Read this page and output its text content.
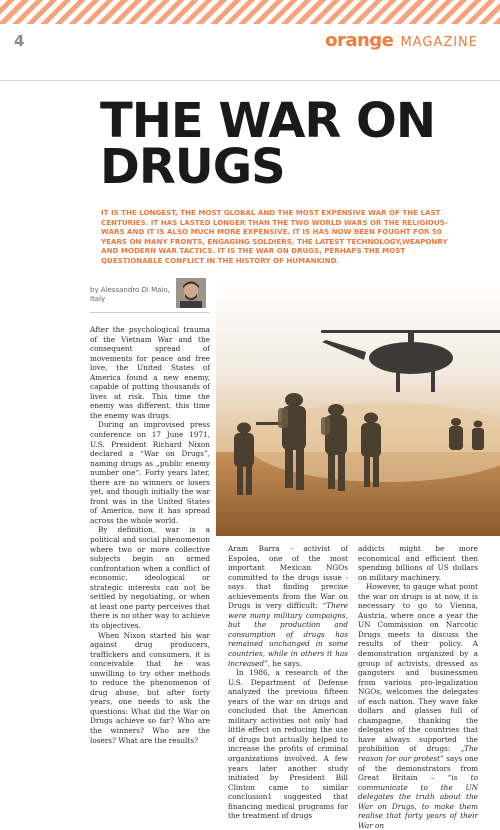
4	orange MAGAZINE
THE WAR ON DRUGS

IT IS THE LONGEST, THE MOST GLOBAL AND THE MOST EXPENSIVE WAR OF THE LAST CENTURIES. IT HAS LASTED LONGER THAN THE TWO WORLD WARS OR THE RELIGIOUS-WARS AND IT IS ALSO MUCH MORE EXPENSIVE. IT IS HAS NOW BEEN FOUGHT FOR 50 YEARS ON MANY FRONTS, ENGAGING SOLDIERS, THE LATEST TECHNOLOGY,WEAPONRY AND MODERN WAR TACTICS. IT IS THE WAR ON DRUGS, PERHAPS THE MOST QUESTIONABLE CONFLICT IN THE HISTORY OF HUMANKIND.

by Alessandro Di Maio,
Italy

After the psychological trauma of the Vietnam War and the consequent spread of movements for peace and free love, the United States of America found a new enemy, capable of putting thousands of lives at risk. This time the enemy was different, this time the enemy was drugs.

During an improvised press conference on 17 June 1971, U.S. President Richard Nixon declared a “War on Drugs”, naming drugs as „public enemy number one“. Forty years later, there are no winners or losers yet, and though initially the war front was in the United States of America, now it has spread across the whole world.

By definition, war is a political and social phenomenon where two or more collective subjects begin an armed confrontation when a conflict of economic, ideological or strategic interests can not be settled by negotiating, or when at least one party perceives that there is no other way to achieve its objectives.

When Nixon started his war against drug producers, traffickers and consumers, it is conceivable that he was unwilling to try other methods to reduce the phenomenon of drug abuse, but after forty years, one needs to ask the questions: What did the War on Drugs achieve so far? Who are the winners? Who are the losers? What are the results?

Aram Barra - activist of Espolea, one of the most important Mexican NGOs committed to the drugs issue - says that finding precise achievements from the War on Drugs is very difficult: “There were many military campaigns, but the production and consumption of drugs has remained unchanged in some countries, while in others it has increased”, he says.

In 1986, a research of the U.S. Department of Defense analyzed the previous fifteen years of the war on drugs and concluded that the American military activities not only had little effect on reducing the use of drugs but actually helped to increase the profits of criminal organizations involved. A few years later another study initiated by President Bill Clinton came to similar conclusion1 suggested that financing medical programs for the treatment of drugs

addicts might be more economical and efficient then spending billions of US dollars on military machinery.

However, to gauge what point the war on drugs is at now, it is necessary to go to Vienna, Austria, where once a year the UN Commission on Narcotic Drugs meets to discuss the results of their policy. A demonstration organized by a group of activists, dressed as gangsters and businessmen from various pro-legalization NGOs, welcomes the delegates of each nation. They wave fake dollars and glasses full of champagne, thanking the delegates of the countries that have always supported the prohibition of drugs: „The reason for our protest” says one of the demonstrators from Great Britain – “is to communicate to the UN delegates the truth about the War on Drugs, to make them realise that forty years of their War on
